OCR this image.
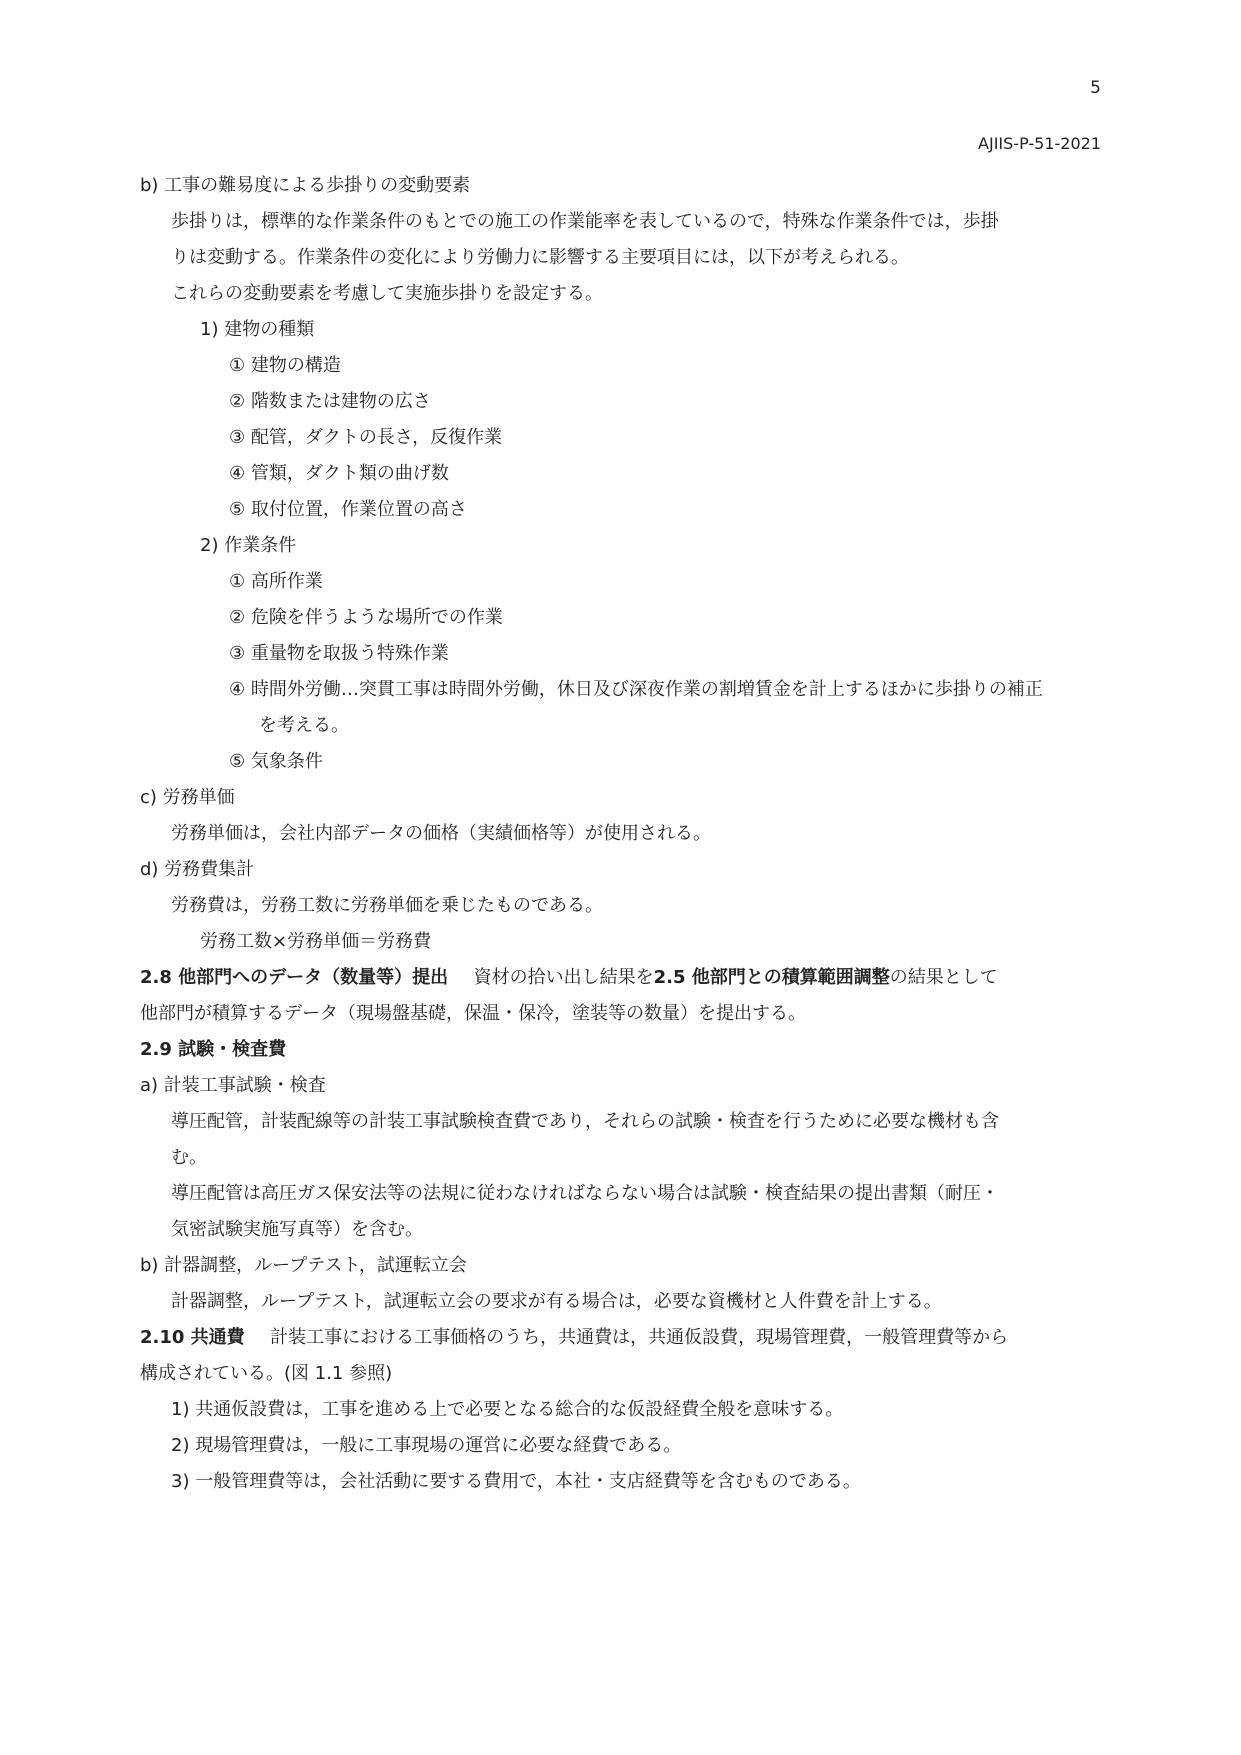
5
AJIIS-P-51-2021
b) 工事の難易度による歩掛りの変動要素
歩掛りは，標準的な作業条件のもとでの施工の作業能率を表しているので，特殊な作業条件では，歩掛
りは変動する。作業条件の変化により労働力に影響する主要項目には，以下が考えられる。
これらの変動要素を考慮して実施歩掛りを設定する。
1) 建物の種類
① 建物の構造
② 階数または建物の広さ
③ 配管，ダクトの長さ，反復作業
④ 管類，ダクト類の曲げ数
⑤ 取付位置，作業位置の高さ
2) 作業条件
① 高所作業
② 危険を伴うような場所での作業
③ 重量物を取扱う特殊作業
④ 時間外労働…突貫工事は時間外労働，休日及び深夜作業の割増賃金を計上するほかに歩掛りの補正
を考える。
⑤ 気象条件
c) 労務単価
労務単価は，会社内部データの価格（実績価格等）が使用される。
d) 労務費集計
労務費は，労務工数に労務単価を乗じたものである。
労務工数×労務単価＝労務費
2.8 他部門へのデータ（数量等）提出 資材の拾い出し結果を2.5 他部門との積算範囲調整の結果として
他部門が積算するデータ（現場盤基礎，保温・保冷，塗装等の数量）を提出する。
2.9 試験・検査費
a) 計装工事試験・検査
導圧配管，計装配線等の計装工事試験検査費であり，それらの試験・検査を行うために必要な機材も含
む。
導圧配管は高圧ガス保安法等の法規に従わなければならない場合は試験・検査結果の提出書類（耐圧・
気密試験実施写真等）を含む。
b) 計器調整，ループテスト，試運転立会
計器調整，ループテスト，試運転立会の要求が有る場合は，必要な資機材と人件費を計上する。
2.10 共通費 計装工事における工事価格のうち，共通費は，共通仮設費，現場管理費，一般管理費等から
構成されている。(図 1.1 参照)
1) 共通仮設費は，工事を進める上で必要となる総合的な仮設経費全般を意味する。
2) 現場管理費は，一般に工事現場の運営に必要な経費である。
3) 一般管理費等は，会社活動に要する費用で，本社・支店経費等を含むものである。
